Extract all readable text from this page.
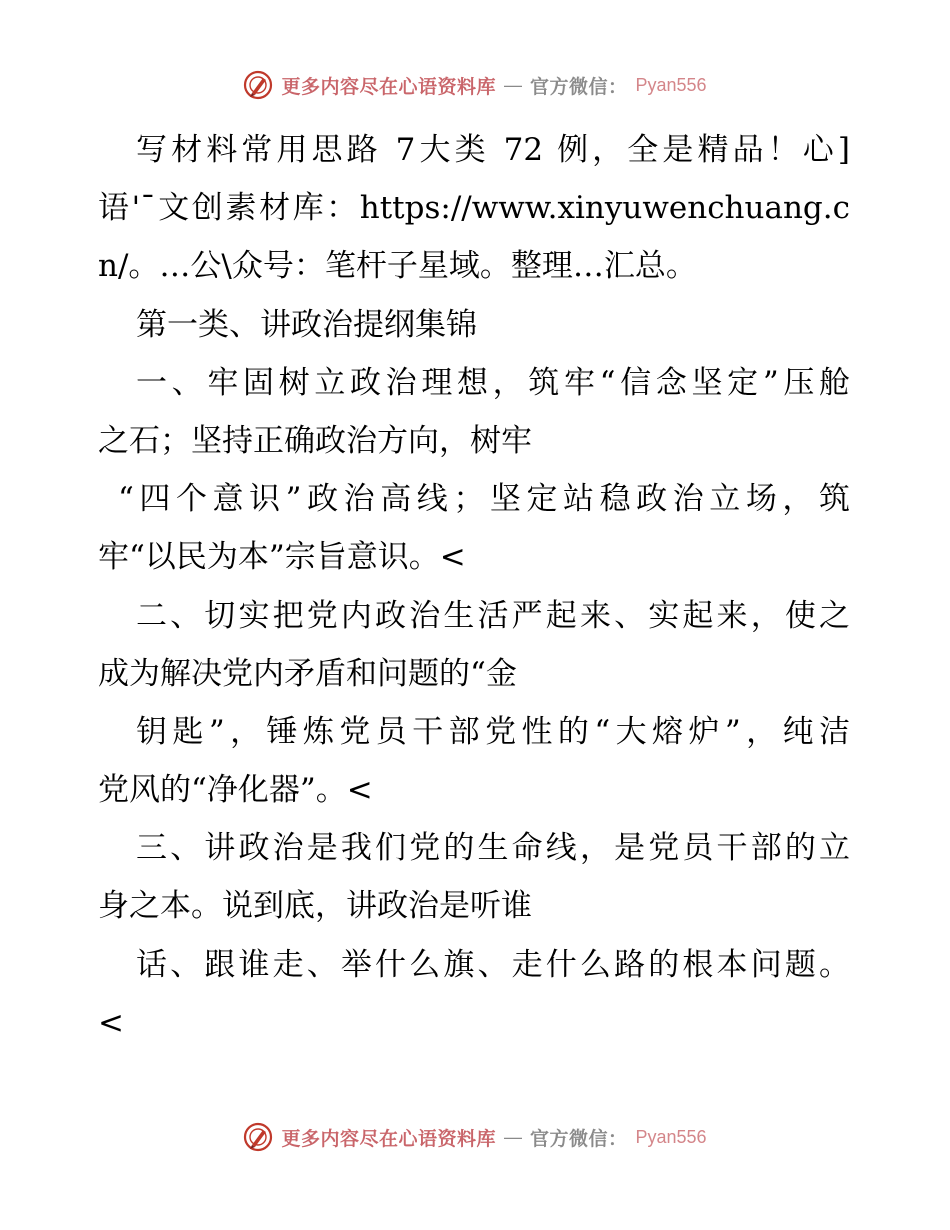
更多内容尽在心语资料库 — 官方微信： Pyan556
写材料常用思路 7大类 72 例，全是精品！心]
语'¯文创素材库：https://www.xinyuwenchuang.c
n/。…公\众号：笔杆子星域。整理…汇总。
第一类、讲政治提纲集锦
一、牢固树立政治理想，筑牢“信念坚定”压舱
之石；坚持正确政治方向，树牢
“四个意识”政治高线；坚定站稳政治立场，筑
牢“以民为本”宗旨意识。<
二、切实把党内政治生活严起来、实起来，使之
成为解决党内矛盾和问题的“金
钥匙”，锤炼党员干部党性的“大熔炉”，纯洁
党风的“净化器”。<
三、讲政治是我们党的生命线，是党员干部的立
身之本。说到底，讲政治是听谁
话、跟谁走、举什么旗、走什么路的根本问题。
<
更多内容尽在心语资料库 — 官方微信： Pyan556
